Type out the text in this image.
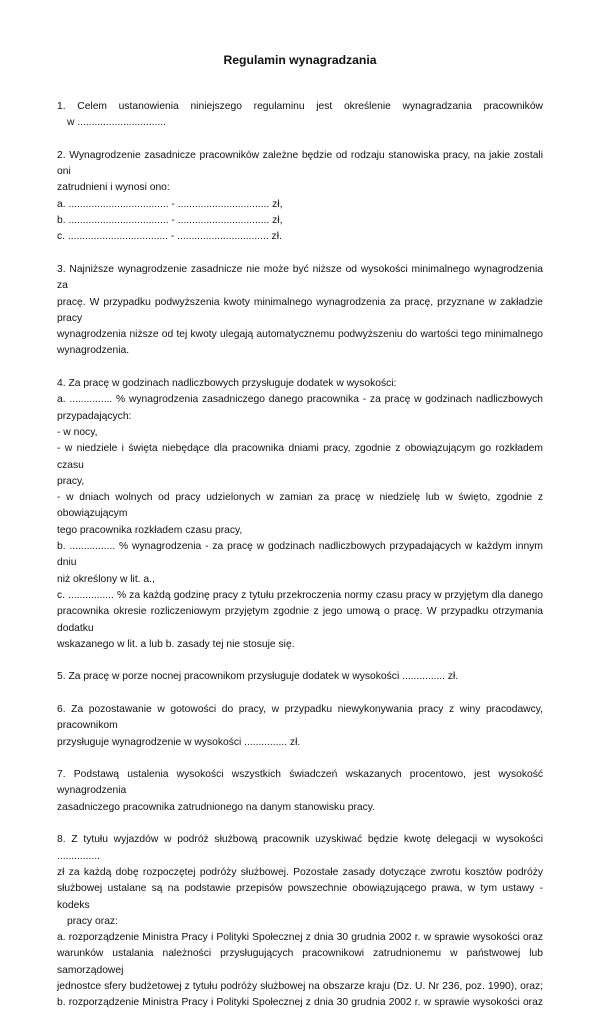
Regulamin wynagradzania

1. Celem ustanowienia niniejszego regulaminu jest określenie wynagradzania pracowników
w ...............................

2. Wynagrodzenie zasadnicze pracowników zależne będzie od rodzaju stanowiska pracy, na jakie zostali oni
zatrudnieni i wynosi ono:
a. ................................... - ................................ zł,
b. ................................... - ................................ zł,
c. ................................... - ................................ zł.

3. Najniższe wynagrodzenie zasadnicze nie może być niższe od wysokości minimalnego wynagrodzenia za
pracę. W przypadku podwyższenia kwoty minimalnego wynagrodzenia za pracę, przyznane w zakładzie pracy
wynagrodzenia niższe od tej kwoty ulegają automatycznemu podwyższeniu do wartości tego minimalnego
wynagrodzenia.

4. Za pracę w godzinach nadliczbowych przysługuje dodatek w wysokości:
a. ............... % wynagrodzenia zasadniczego danego pracownika - za pracę w godzinach nadliczbowych
przypadających:
- w nocy,
- w niedziele i święta niebędące dla pracownika dniami pracy, zgodnie z obowiązującym go rozkładem czasu
pracy,
- w dniach wolnych od pracy udzielonych w zamian za pracę w niedzielę lub w święto, zgodnie z obowiązującym
tego pracownika rozkładem czasu pracy,
b. ................ % wynagrodzenia - za pracę w godzinach nadliczbowych przypadających w każdym innym dniu
niż określony w lit. a.,
c. ................ % za każdą godzinę pracy z tytułu przekroczenia normy czasu pracy w przyjętym dla danego
pracownika okresie rozliczeniowym przyjętym zgodnie z jego umową o pracę. W przypadku otrzymania dodatku
wskazanego w lit. a lub b. zasady tej nie stosuje się.

5. Za pracę w porze nocnej pracownikom przysługuje dodatek w wysokości ............... zł.

6. Za pozostawanie w gotowości do pracy, w przypadku niewykonywania pracy z winy pracodawcy, pracownikom
przysługuje wynagrodzenie w wysokości ............... zł.

7. Podstawą ustalenia wysokości wszystkich świadczeń wskazanych procentowo, jest wysokość wynagrodzenia
zasadniczego pracownika zatrudnionego na danym stanowisku pracy.

8. Z tytułu wyjazdów w podróż służbową pracownik uzyskiwać będzie kwotę delegacji w wysokości ...............
zł za każdą dobę rozpoczętej podróży służbowej. Pozostałe zasady dotyczące zwrotu kosztów podróży
służbowej ustalane są na podstawie przepisów powszechnie obowiązującego prawa, w tym ustawy - kodeks
pracy oraz:
a. rozporządzenie Ministra Pracy i Polityki Społecznej z dnia 30 grudnia 2002 r. w sprawie wysokości oraz
warunków ustalania należności przysługujących pracownikowi zatrudnionemu w państwowej lub samorządowej
jednostce sfery budżetowej z tytułu podróży służbowej na obszarze kraju (Dz. U. Nr 236, poz. 1990), oraz;
b. rozporządzenie Ministra Pracy i Polityki Społecznej z dnia 30 grudnia 2002 r. w sprawie wysokości oraz
